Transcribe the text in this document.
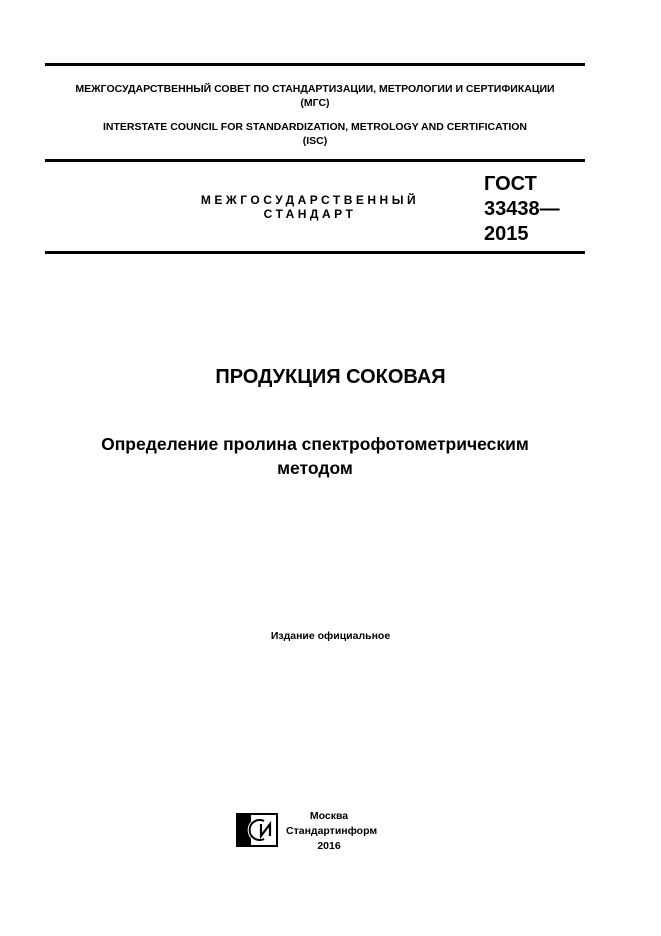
МЕЖГОСУДАРСТВЕННЫЙ СОВЕТ ПО СТАНДАРТИЗАЦИИ, МЕТРОЛОГИИ И СЕРТИФИКАЦИИ
(МГС)
INTERSTATE COUNCIL FOR STANDARDIZATION, METROLOGY AND CERTIFICATION
(ISC)
МЕЖГОСУДАРСТВЕННЫЙ
СТАНДАРТ
ГОСТ
33438—
2015
ПРОДУКЦИЯ СОКОВАЯ
Определение пролина спектрофотометрическим
методом
Издание официальное
Москва
Стандартинформ
2016
